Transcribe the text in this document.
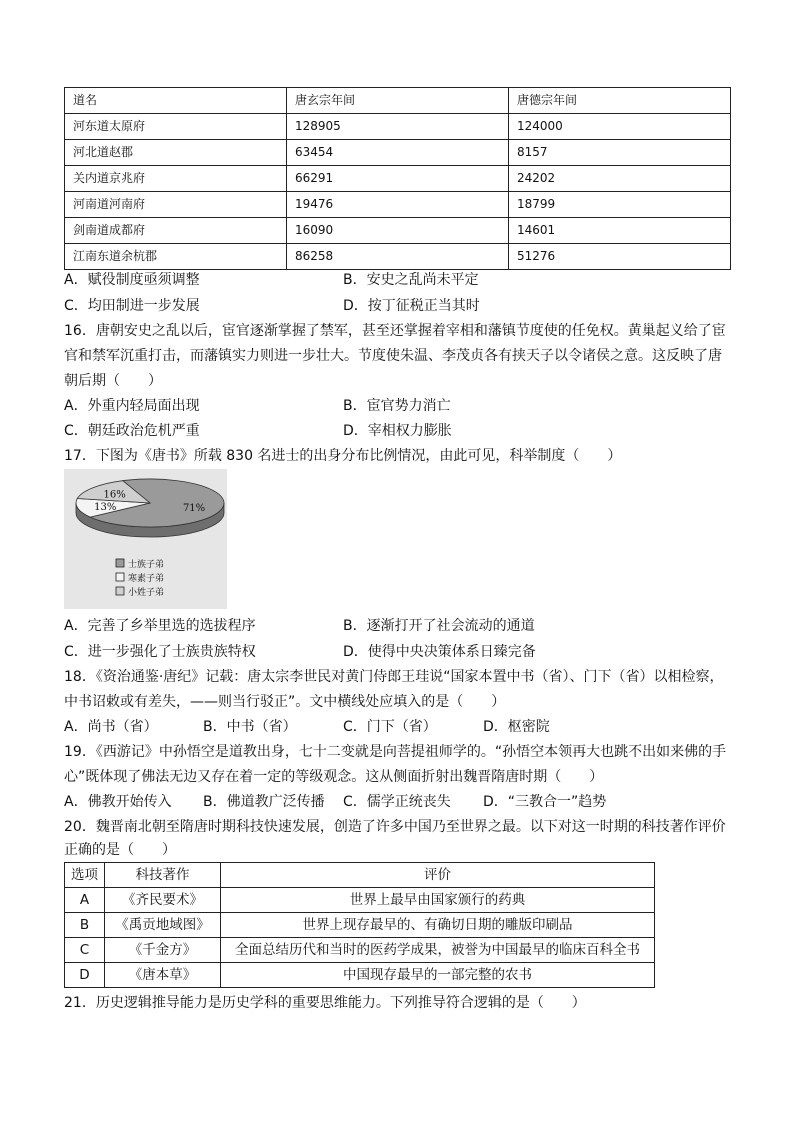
道名	唐玄宗年间	唐德宗年间
河东道太原府	128905	124000
河北道赵郡	63454	8157
关内道京兆府	66291	24202
河南道河南府	19476	18799
剑南道成都府	16090	14601
江南东道余杭郡	86258	51276
A．赋役制度亟须调整	B．安史之乱尚未平定
C．均田制进一步发展	D．按丁征税正当其时
16．唐朝安史之乱以后，宦官逐渐掌握了禁军，甚至还掌握着宰相和藩镇节度使的任免权。黄巢起义给了宦
官和禁军沉重打击，而藩镇实力则进一步壮大。节度使朱温、李茂贞各有挟天子以令诸侯之意。这反映了唐
朝后期（　　）
A．外重内轻局面出现	B．宦官势力消亡
C．朝廷政治危机严重	D．宰相权力膨胀
17．下图为《唐书》所载 830 名进士的出身分布比例情况，由此可见，科举制度（　　）
71%
13%
16%
士族子弟
寒素子弟
小姓子弟
A．完善了乡举里选的选拔程序	B．逐渐打开了社会流动的通道
C．进一步强化了士族贵族特权	D．使得中央决策体系日臻完备
18．《资治通鉴·唐纪》记载：唐太宗李世民对黄门侍郎王珪说“国家本置中书（省）、门下（省）以相检察，
中书诏敕或有差失，——则当行驳正”。文中横线处应填入的是（　　）
A．尚书（省）	B．中书（省）	C．门下（省）	D．枢密院
19．《西游记》中孙悟空是道教出身，七十二变就是向菩提祖师学的。“孙悟空本领再大也跳不出如来佛的手
心”既体现了佛法无边又存在着一定的等级观念。这从侧面折射出魏晋隋唐时期（　　）
A．佛教开始传入 B．佛道教广泛传播 C．儒学正统丧失 D．“三教合一”趋势
20．魏晋南北朝至隋唐时期科技快速发展，创造了许多中国乃至世界之最。以下对这一时期的科技著作评价
正确的是（　　）
选项	科技著作	评价
A	《齐民要术》	世界上最早由国家颁行的药典
B	《禹贡地域图》	世界上现存最早的、有确切日期的雕版印刷品
C	《千金方》	全面总结历代和当时的医药学成果，被誉为中国最早的临床百科全书
D	《唐本草》	中国现存最早的一部完整的农书
21．历史逻辑推导能力是历史学科的重要思维能力。下列推导符合逻辑的是（　　）
